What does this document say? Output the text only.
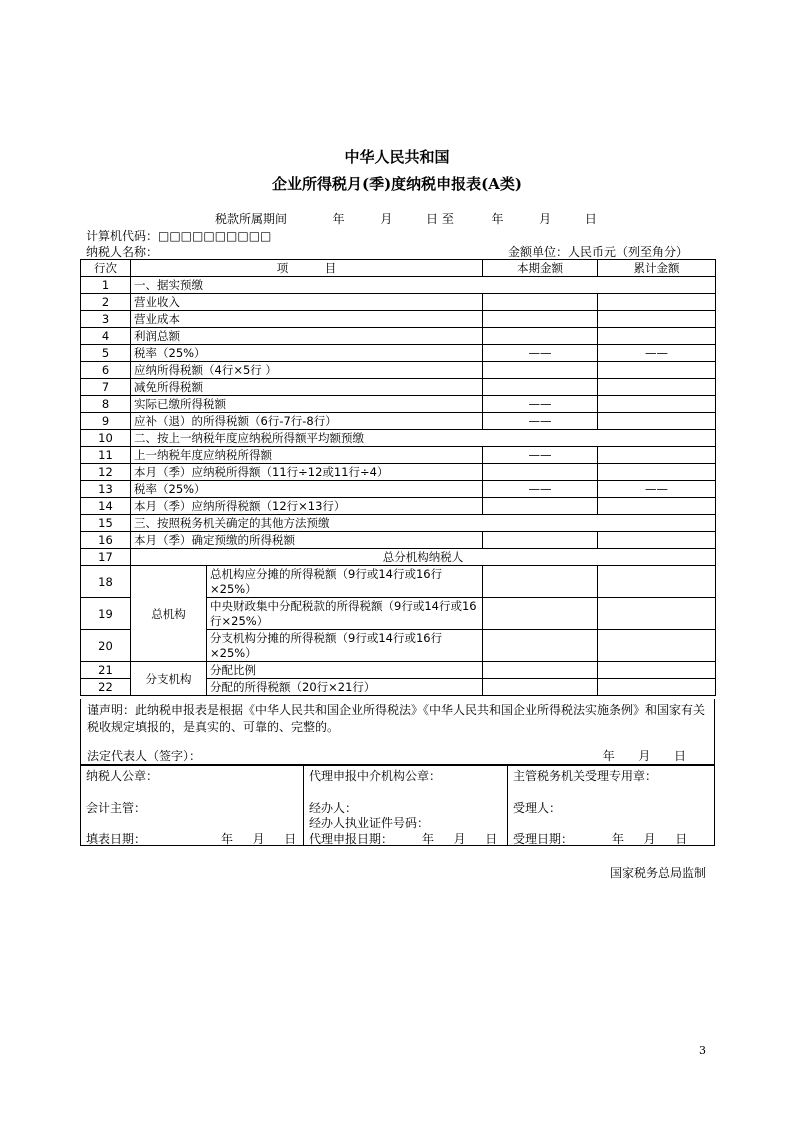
中华人民共和国
企业所得税月(季)度纳税申报表(A类)
税款所属期间	年	月	日 至	年	月	日
计算机代码：□□□□□□□□□□
纳税人名称：	金额单位：人民币元（列至角分）
行次	项          目		本期金额	累计金额
1	一、据实预缴			
2	营业收入			
3	营业成本			
4	利润总额			
5	税率（25%）		——	——
6	应纳所得税额（4行×5行 ）			
7	减免所得税额			
8	实际已缴所得税额		——	
9	应补（退）的所得税额（6行-7行-8行）		——	
10	二、按上一纳税年度应纳税所得额平均额预缴			
11	上一纳税年度应纳税所得额		——	
12	本月（季）应纳税所得额（11行÷12或11行÷4）			
13	税率（25%）		——	——
14	本月（季）应纳所得税额（12行×13行）			
15	三、按照税务机关确定的其他方法预缴			
16	本月（季）确定预缴的所得税额			
17	总分机构纳税人			
18	总机构	总机构应分摊的所得税额（9行或14行或16行×25%）		
19		中央财政集中分配税款的所得税额（9行或14行或16行×25%）		
20		分支机构分摊的所得税额（9行或14行或16行×25%）		
21	分支机构	分配比例		
22		分配的所得税额（20行×21行）		
谨声明：此纳税申报表是根据《中华人民共和国企业所得税法》《中华人民共和国企业所得税法实施条例》和国家有关税收规定填报的，是真实的、可靠的、完整的。
法定代表人（签字）：	年  月  日
纳税人公章：
会计主管：
填表日期：	年  月  日
代理申报中介机构公章：
经办人：
经办人执业证件号码：
代理申报日期： 年  月  日
主管税务机关受理专用章：
受理人：
受理日期：	年  月  日
国家税务总局监制
3
